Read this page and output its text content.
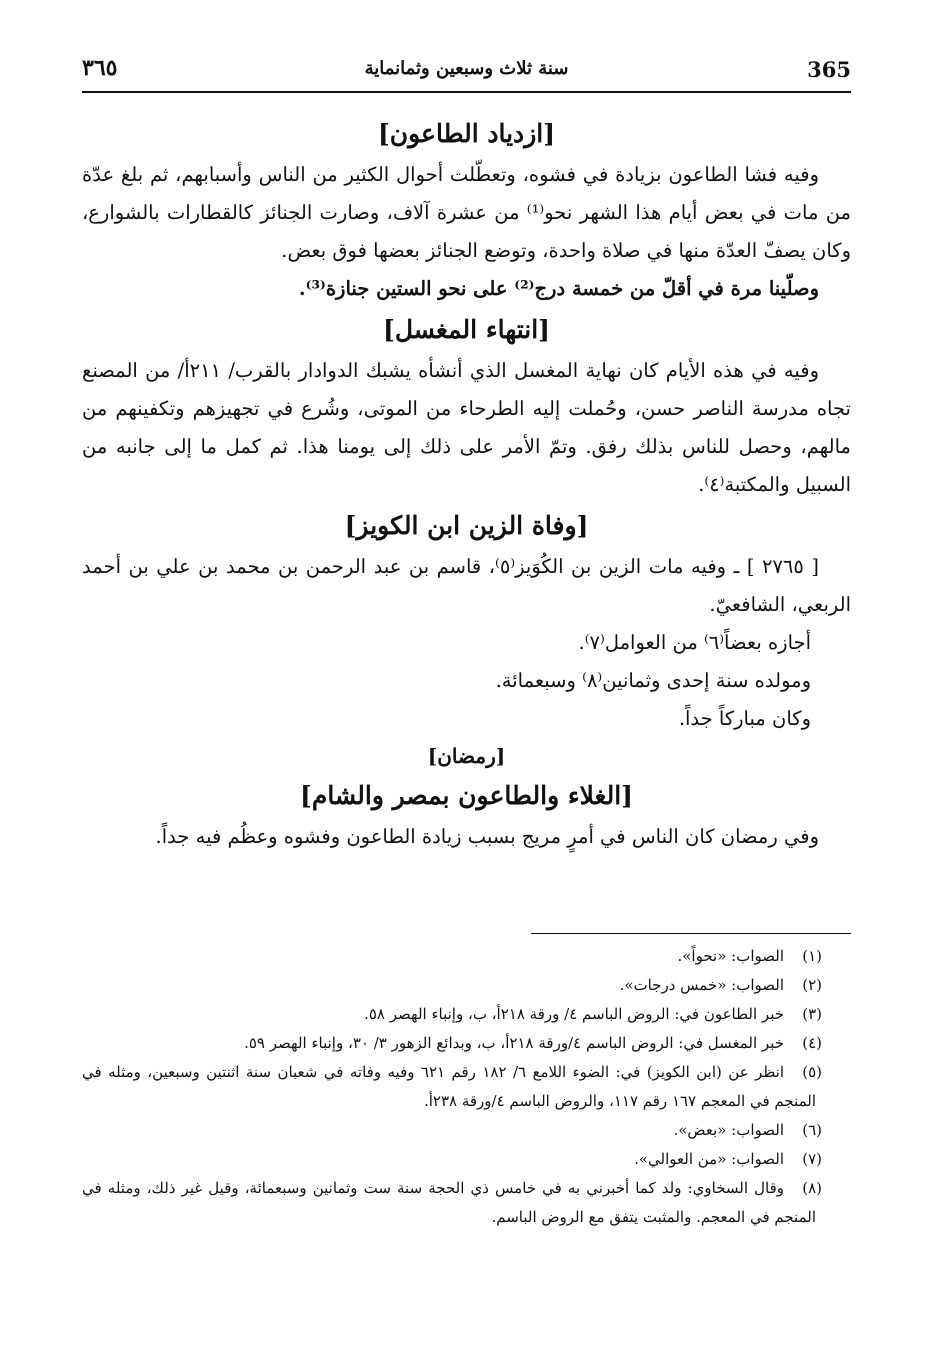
365
سنة ثلاث وسبعين وثمانماية
٣٦٥
[ازدياد الطاعون]

وفيه فشا الطاعون بزيادة في فشوه، وتعطّلت أحوال الكثير من الناس وأسبابهم، ثم بلغ عدّة من مات في بعض أيام هذا الشهر نحو⁽¹⁾ من عشرة آلاف، وصارت الجنائز كالقطارات بالشوارع، وكان يصفّ العدّة منها في صلاة واحدة، وتوضع الجنائز بعضها فوق بعض.

وصلّينا مرة في أقلّ من خمسة درج⁽²⁾ على نحو الستين جنازة⁽³⁾.

[انتهاء المغسل]

وفيه في هذه الأيام كان نهاية المغسل الذي أنشأه يشبك الدوادار بالقرب/ ٢١١أ/ من المصنع تجاه مدرسة الناصر حسن، وحُملت إليه الطرحاء من الموتى، وشُرع في تجهيزهم وتكفينهم من مالهم، وحصل للناس بذلك رفق. وتمّ الأمر على ذلك إلى يومنا هذا. ثم كمل ما إلى جانبه من السبيل والمكتبة⁽٤⁾.

[وفاة الزين ابن الكويز]

[ ٢٧٦٥ ] ـ وفيه مات الزين بن الكُوَيز⁽٥⁾، قاسم بن عبد الرحمن بن محمد بن علي بن أحمد الربعي، الشافعيّ.

أجازه بعضاً⁽٦⁾ من العوامل⁽٧⁾.

ومولده سنة إحدى وثمانين⁽٨⁾ وسبعمائة.

وكان مباركاً جداً.

[رمضان]
[الغلاء والطاعون بمصر والشام]

وفي رمضان كان الناس في أمرٍ مريج بسبب زيادة الطاعون وفشوه وعظُم فيه جداً.

(١)
الصواب: «نحواً».

(٢)
الصواب: «خمس درجات».

(٣)
خبر الطاعون في: الروض الباسم ٤/ ورقة ٢١٨أ، ب، وإنباء الهصر ٥٨.

(٤)
خبر المغسل في: الروض الباسم ٤/ورقة ٢١٨أ، ب، وبدائع الزهور ٣/ ٣٠، وإنباء الهصر ٥٩.

(٥)
انظر عن (ابن الكويز) في: الضوء اللامع ٦/ ١٨٢ رقم ٦٢١ وفيه وفاته في شعبان سنة اثنتين وسبعين، ومثله في المنجم في المعجم ١٦٧ رقم ١١٧، والروض الباسم ٤/ورقة ٢٣٨أ.

(٦)
الصواب: «بعض».

(٧)
الصواب: «من العوالي».

(٨)
وقال السخاوي: ولد كما أخبرني به في خامس ذي الحجة سنة ست وثمانين وسبعمائة، وقيل غير ذلك، ومثله في المنجم في المعجم. والمثبت يتفق مع الروض الباسم.
